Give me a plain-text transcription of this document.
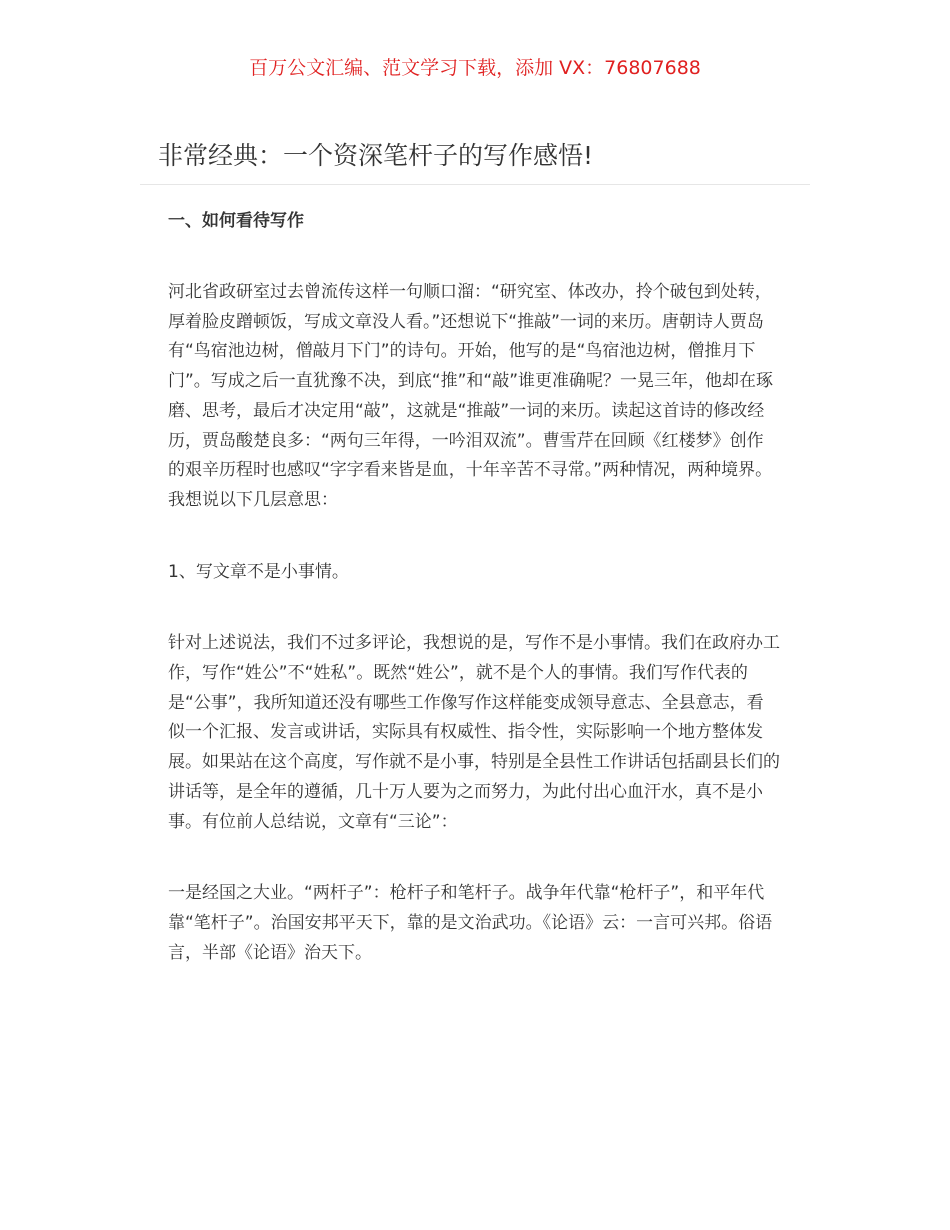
百万公文汇编、范文学习下载，添加 VX：76807688
非常经典：一个资深笔杆子的写作感悟!

一、如何看待写作

河北省政研室过去曾流传这样一句顺口溜：“研究室、体改办，拎个破包到处转，厚着脸皮蹭顿饭，写成文章没人看。”还想说下“推敲”一词的来历。唐朝诗人贾岛有“鸟宿池边树，僧敲月下门”的诗句。开始，他写的是“鸟宿池边树，僧推月下门”。写成之后一直犹豫不决，到底“推”和“敲”谁更准确呢？一晃三年，他却在琢磨、思考，最后才决定用“敲”，这就是“推敲”一词的来历。读起这首诗的修改经历，贾岛酸楚良多：“两句三年得，一吟泪双流”。曹雪芹在回顾《红楼梦》创作的艰辛历程时也感叹“字字看来皆是血，十年辛苦不寻常。”两种情况，两种境界。我想说以下几层意思：

1、写文章不是小事情。

针对上述说法，我们不过多评论，我想说的是，写作不是小事情。我们在政府办工作，写作“姓公”不“姓私”。既然“姓公”，就不是个人的事情。我们写作代表的是“公事”，我所知道还没有哪些工作像写作这样能变成领导意志、全县意志，看似一个汇报、发言或讲话，实际具有权威性、指令性，实际影响一个地方整体发展。如果站在这个高度，写作就不是小事，特别是全县性工作讲话包括副县长们的讲话等，是全年的遵循，几十万人要为之而努力，为此付出心血汗水，真不是小事。有位前人总结说，文章有“三论”：

一是经国之大业。“两杆子”：枪杆子和笔杆子。战争年代靠“枪杆子”，和平年代靠“笔杆子”。治国安邦平天下，靠的是文治武功。《论语》云：一言可兴邦。俗语言，半部《论语》治天下。
